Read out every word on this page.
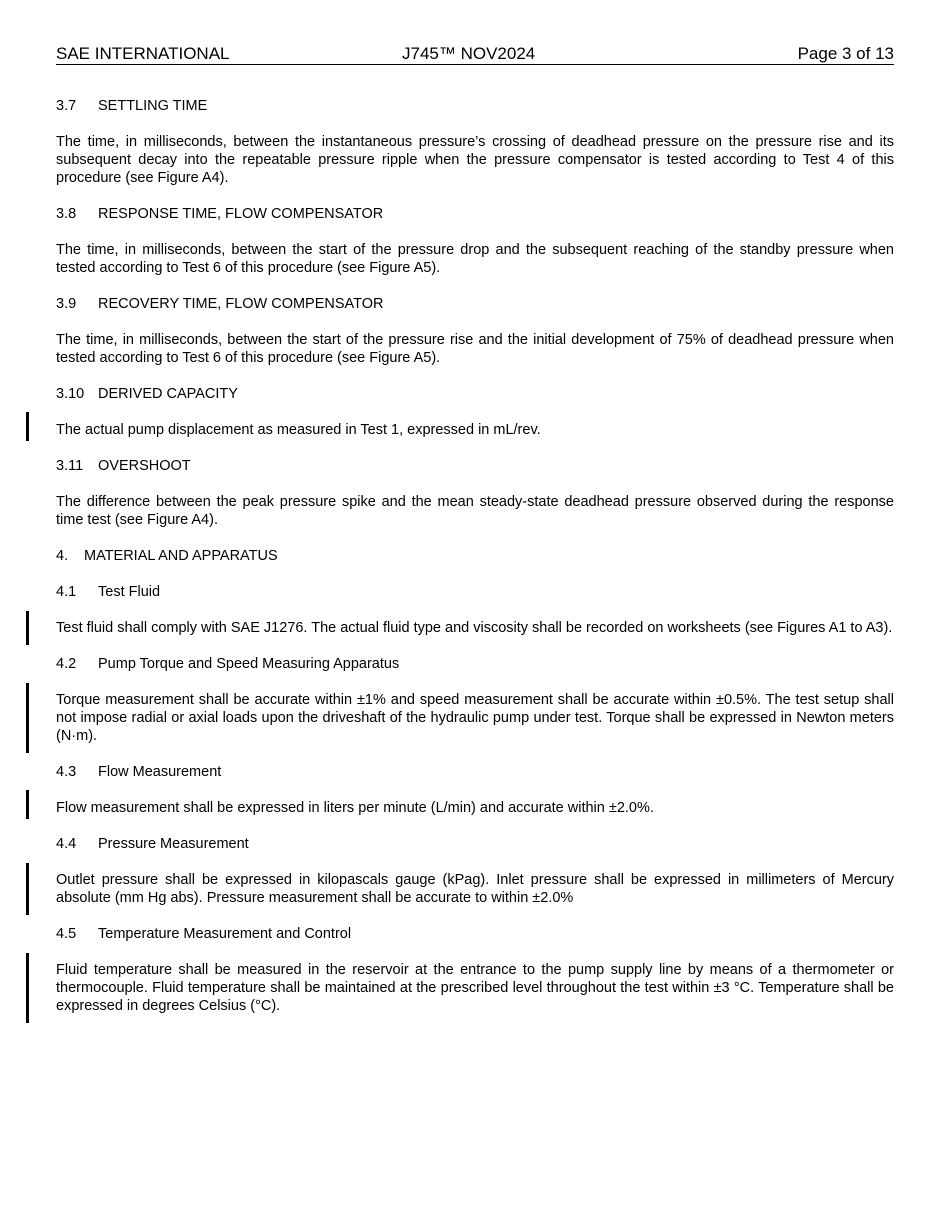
SAE INTERNATIONAL	J745™ NOV2024	Page 3 of 13
3.7 SETTLING TIME

The time, in milliseconds, between the instantaneous pressure’s crossing of deadhead pressure on the pressure rise and its subsequent decay into the repeatable pressure ripple when the pressure compensator is tested according to Test 4 of this procedure (see Figure A4).

3.8 RESPONSE TIME, FLOW COMPENSATOR

The time, in milliseconds, between the start of the pressure drop and the subsequent reaching of the standby pressure when tested according to Test 6 of this procedure (see Figure A5).

3.9 RECOVERY TIME, FLOW COMPENSATOR

The time, in milliseconds, between the start of the pressure rise and the initial development of 75% of deadhead pressure when tested according to Test 6 of this procedure (see Figure A5).

3.10 DERIVED CAPACITY
The actual pump displacement as measured in Test 1, expressed in mL/rev.
3.11 OVERSHOOT

The difference between the peak pressure spike and the mean steady-state deadhead pressure observed during the response time test (see Figure A4).

4. MATERIAL AND APPARATUS
4.1 Test Fluid
Test fluid shall comply with SAE J1276. The actual fluid type and viscosity shall be recorded on worksheets (see Figures A1 to A3).
4.2 Pump Torque and Speed Measuring Apparatus
Torque measurement shall be accurate within ±1% and speed measurement shall be accurate within ±0.5%. The test setup shall not impose radial or axial loads upon the driveshaft of the hydraulic pump under test. Torque shall be expressed in Newton meters (N·m).
4.3 Flow Measurement
Flow measurement shall be expressed in liters per minute (L/min) and accurate within ±2.0%.
4.4 Pressure Measurement
Outlet pressure shall be expressed in kilopascals gauge (kPag). Inlet pressure shall be expressed in millimeters of Mercury absolute (mm Hg abs). Pressure measurement shall be accurate to within ±2.0%
4.5 Temperature Measurement and Control
Fluid temperature shall be measured in the reservoir at the entrance to the pump supply line by means of a thermometer or thermocouple. Fluid temperature shall be maintained at the prescribed level throughout the test within ±3 °C. Temperature shall be expressed in degrees Celsius (°C).
